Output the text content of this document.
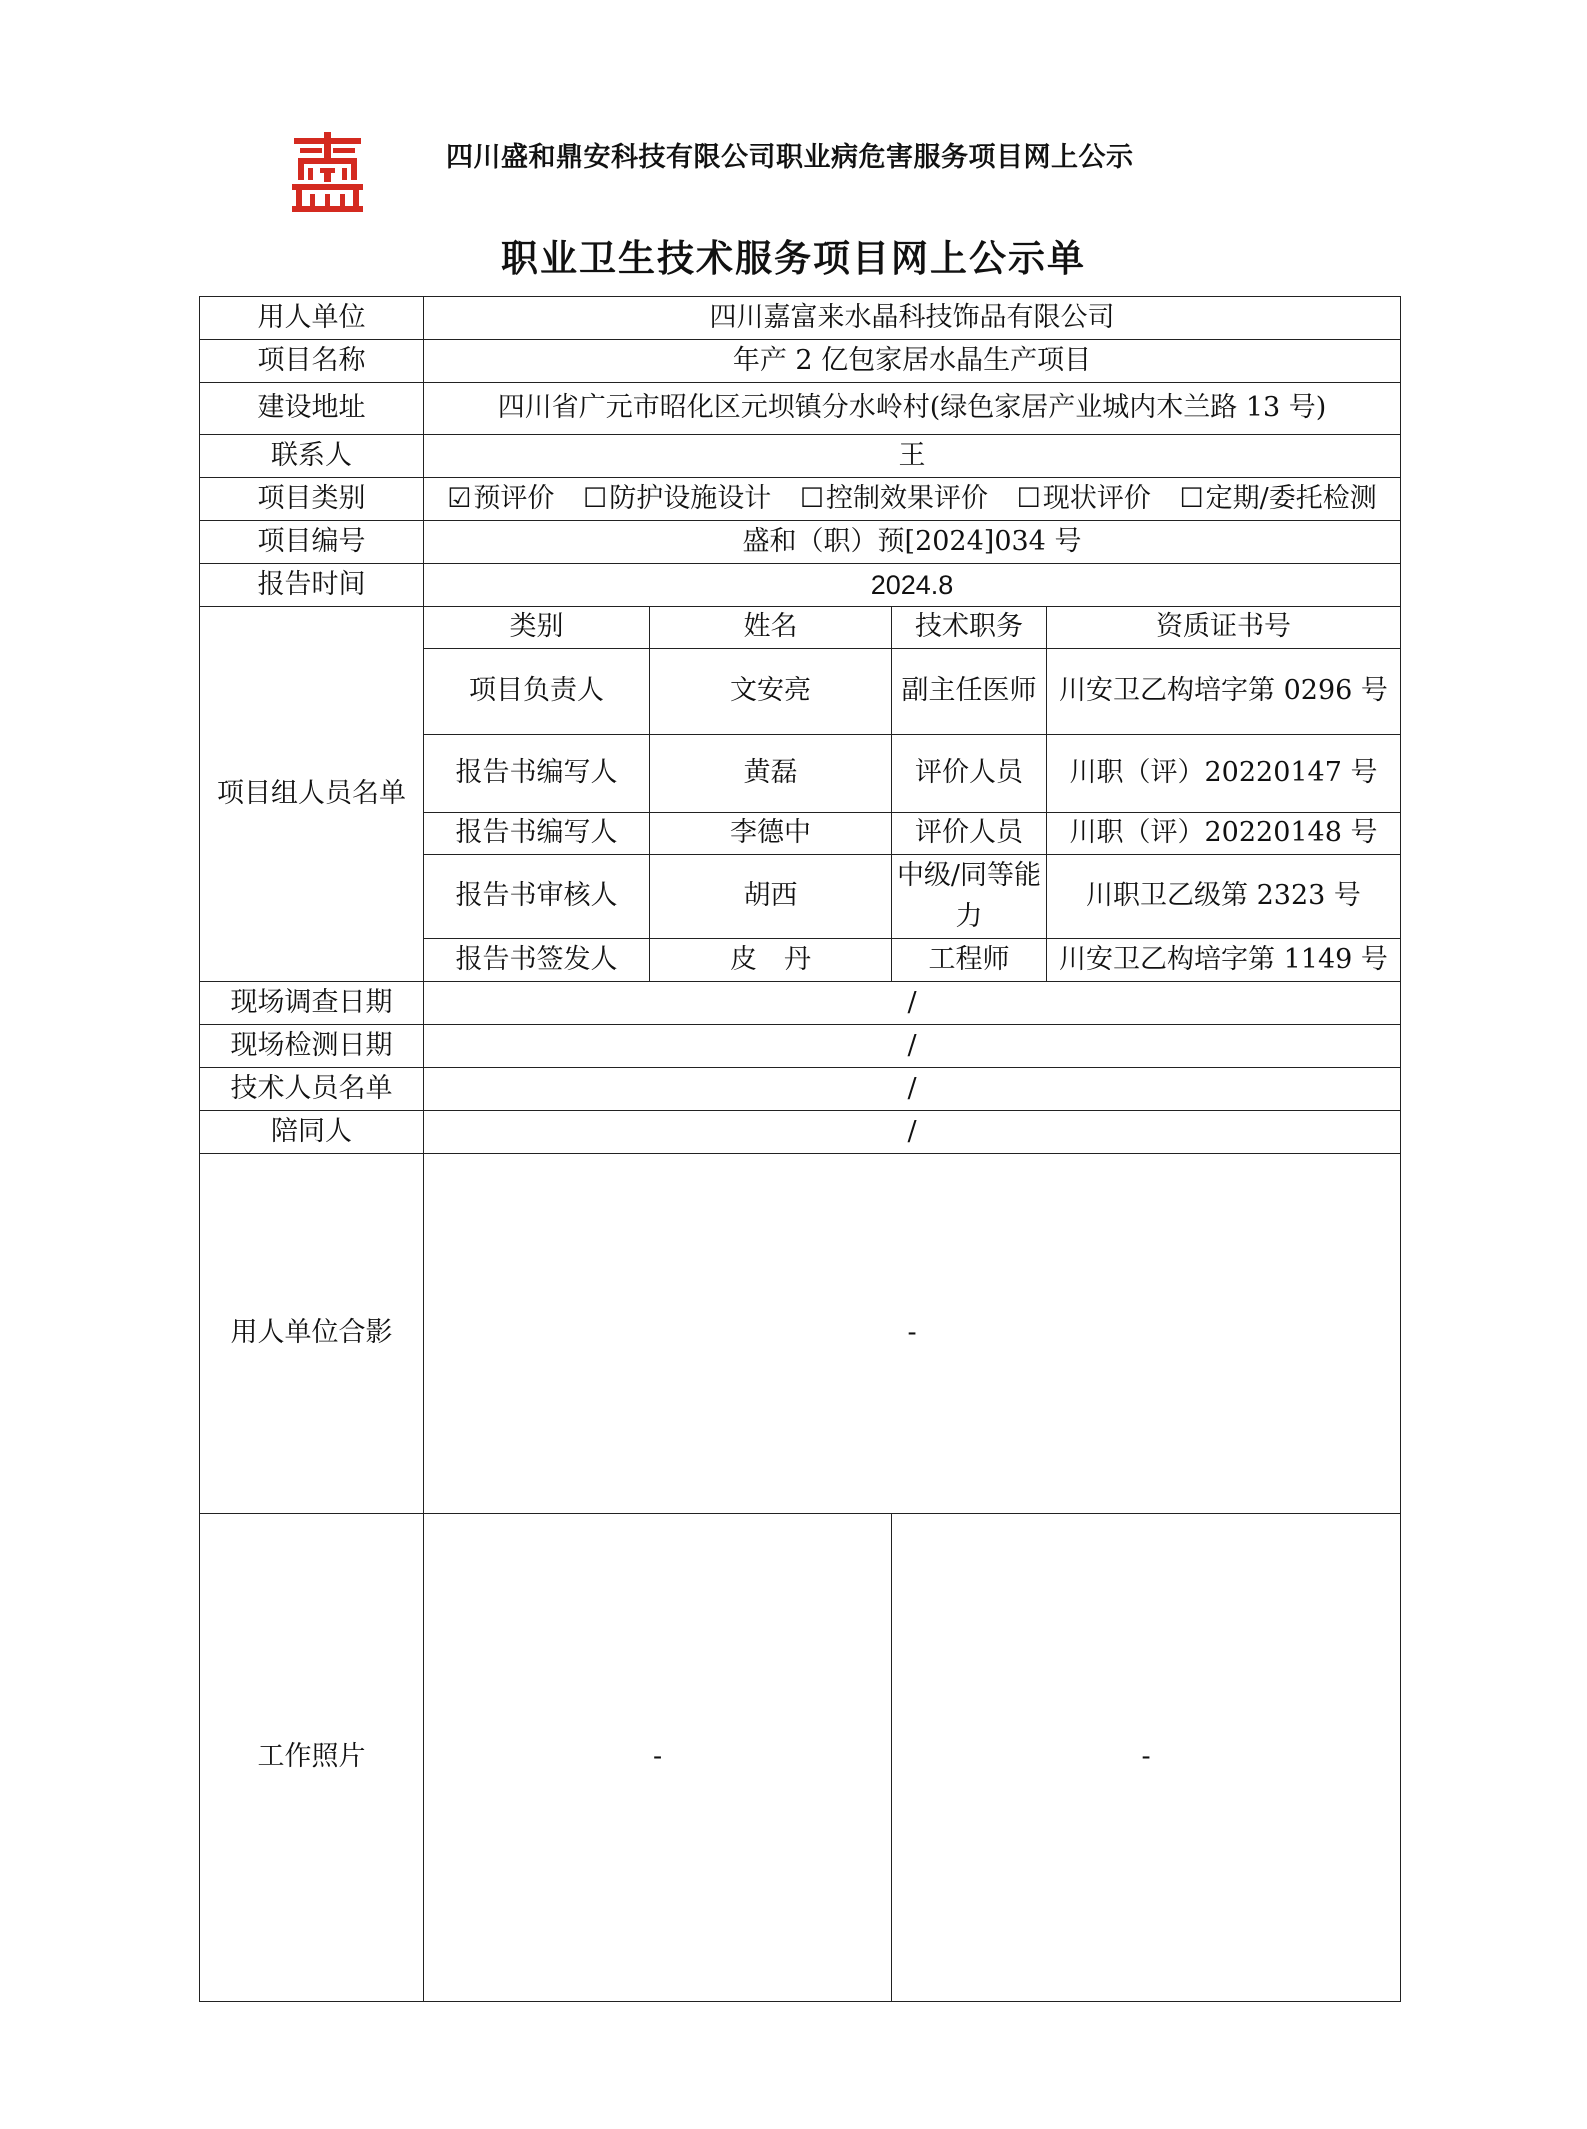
四川盛和鼎安科技有限公司职业病危害服务项目网上公示
职业卫生技术服务项目网上公示单
用人单位	四川嘉富来水晶科技饰品有限公司			
项目名称	年产 2 亿包家居水晶生产项目			
建设地址	四川省广元市昭化区元坝镇分水岭村(绿色家居产业城内木兰路 13 号)			
联系人	王			
项目类别	☑预评价 ☐防护设施设计 ☐控制效果评价 ☐现状评价 ☐定期/委托检测			
项目编号	盛和（职）预[2024]034 号			
报告时间	2024.8			
项目组人员名单	类别	姓名	技术职务	资质证书号
	项目负责人	文安亮	副主任医师	川安卫乙构培字第 0296 号
	报告书编写人	黄磊	评价人员	川职（评）20220147 号
	报告书编写人	李德中	评价人员	川职（评）20220148 号
	报告书审核人	胡西	中级/同等能力	川职卫乙级第 2323 号
	报告书签发人	皮　丹	工程师	川安卫乙构培字第 1149 号
现场调查日期	/			
现场检测日期	/			
技术人员名单	/			
陪同人	/			
用人单位合影	-			
工作照片	-		-	
